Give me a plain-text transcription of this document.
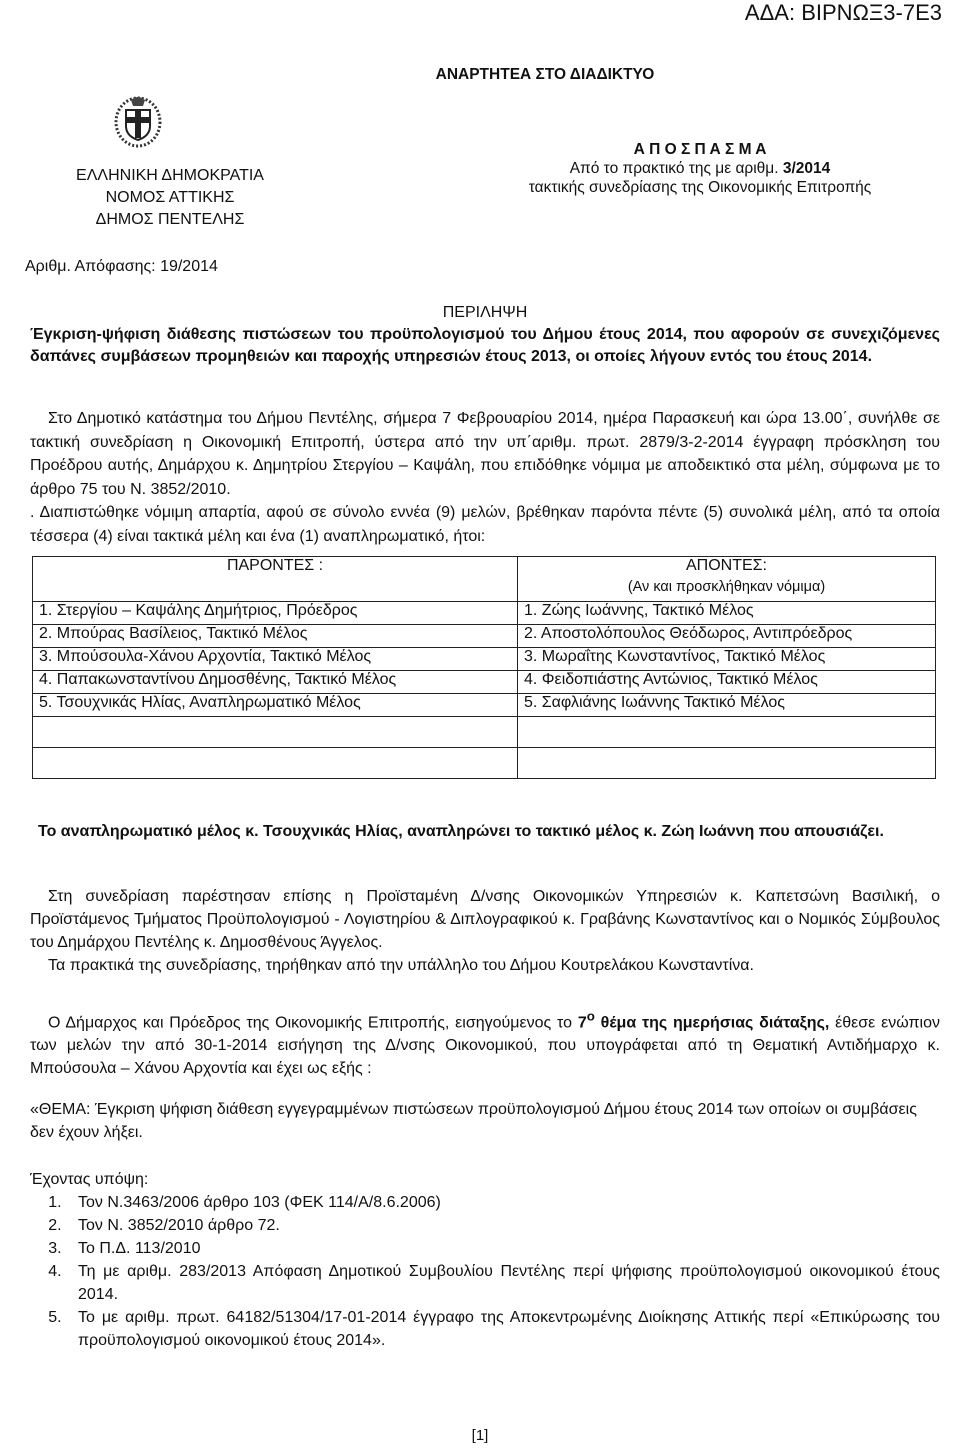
ΑΔΑ: ΒΙΡΝΩΞ3-7Ε3
ΑΝΑΡΤΗΤΕΑ ΣΤΟ ΔΙΑΔΙΚΤΥΟ
ΕΛΛΗΝΙΚΗ ΔΗΜΟΚΡΑΤΙΑ
ΝΟΜΟΣ ΑΤΤΙΚΗΣ
ΔΗΜΟΣ ΠΕΝΤΕΛΗΣ
Α Π Ο Σ Π Α Σ Μ Α
Από το πρακτικό της με αριθμ. 3/2014
τακτικής συνεδρίασης της Οικονομικής Επιτροπής
Αριθμ. Απόφασης: 19/2014
ΠΕΡΙΛΗΨΗ
Έγκριση-ψήφιση διάθεσης πιστώσεων του προϋπολογισμού του Δήμου έτους 2014, που αφορούν σε συνεχιζόμενες δαπάνες συμβάσεων προμηθειών και παροχής υπηρεσιών έτους 2013, οι οποίες λήγουν εντός του έτους 2014.
Στο Δημοτικό κατάστημα του Δήμου Πεντέλης, σήμερα 7 Φεβρουαρίου 2014, ημέρα Παρασκευή και ώρα 13.00΄, συνήλθε σε τακτική συνεδρίαση η Οικονομική Επιτροπή, ύστερα από την υπ΄αριθμ. πρωτ. 2879/3-2-2014 έγγραφη πρόσκληση του Προέδρου αυτής, Δημάρχου κ. Δημητρίου Στεργίου – Καψάλη, που επιδόθηκε νόμιμα με αποδεικτικό στα μέλη, σύμφωνα με το άρθρο 75 του Ν. 3852/2010.
. Διαπιστώθηκε νόμιμη απαρτία, αφού σε σύνολο εννέα (9) μελών, βρέθηκαν παρόντα πέντε (5) συνολικά μέλη, από τα οποία τέσσερα (4) είναι τακτικά μέλη και ένα (1) αναπληρωματικό, ήτοι:
ΠΑΡΟΝΤΕΣ :	ΑΠΟΝΤΕΣ:
(Αν και προσκλήθηκαν νόμιμα)

1. Στεργίου – Καψάλης Δημήτριος, Πρόεδρος	1. Ζώης Ιωάννης, Τακτικό Μέλος
2. Μπούρας Βασίλειος, Τακτικό Μέλος	2. Αποστολόπουλος Θεόδωρος, Αντιπρόεδρος
3. Μπούσουλα-Χάνου Αρχοντία, Τακτικό Μέλος	3. Μωραΐτης Κωνσταντίνος, Τακτικό Μέλος
4. Παπακωνσταντίνου Δημοσθένης, Τακτικό Μέλος	4. Φειδοπιάστης Αντώνιος, Τακτικό Μέλος
5. Τσουχνικάς Ηλίας, Αναπληρωματικό Μέλος	5. Σαφλιάνης Ιωάννης Τακτικό Μέλος

Το αναπληρωματικό μέλος κ. Τσουχνικάς Ηλίας, αναπληρώνει το τακτικό μέλος κ. Ζώη Ιωάννη που απουσιάζει.
Στη συνεδρίαση παρέστησαν επίσης η Προϊσταμένη Δ/νσης Οικονομικών Υπηρεσιών κ. Καπετσώνη Βασιλική, ο Προϊστάμενος Τμήματος Προϋπολογισμού - Λογιστηρίου & Διπλογραφικού κ. Γραβάνης Κωνσταντίνος και ο Νομικός Σύμβουλος του Δημάρχου Πεντέλης κ. Δημοσθένους Άγγελος.
Τα πρακτικά της συνεδρίασης, τηρήθηκαν από την υπάλληλο του Δήμου Κουτρελάκου Κωνσταντίνα.
Ο Δήμαρχος και Πρόεδρος της Οικονομικής Επιτροπής, εισηγούμενος το $7^o$ θέμα της ημερήσιας διάταξης, έθεσε ενώπιον των μελών την από 30-1-2014 εισήγηση της Δ/νσης Οικονομικού, που υπογράφεται από τη Θεματική Αντιδήμαρχο κ. Μπούσουλα – Χάνου Αρχοντία και έχει ως εξής :
«ΘΕΜΑ: Έγκριση ψήφιση διάθεση εγγεγραμμένων πιστώσεων προϋπολογισμού Δήμου έτους 2014 των οποίων οι συμβάσεις δεν έχουν λήξει.
Έχοντας υπόψη:
1. Τον Ν.3463/2006 άρθρο 103 (ΦΕΚ 114/Α/8.6.2006)
2. Τον Ν. 3852/2010 άρθρο 72.
3. Το Π.Δ. 113/2010
4. Τη με αριθμ. 283/2013 Απόφαση Δημοτικού Συμβουλίου Πεντέλης περί ψήφισης προϋπολογισμού οικονομικού έτους 2014.
5. Το με αριθμ. πρωτ. 64182/51304/17-01-2014 έγγραφο της Αποκεντρωμένης Διοίκησης Αττικής περί «Επικύρωσης του προϋπολογισμού οικονομικού έτους 2014».
[1]
